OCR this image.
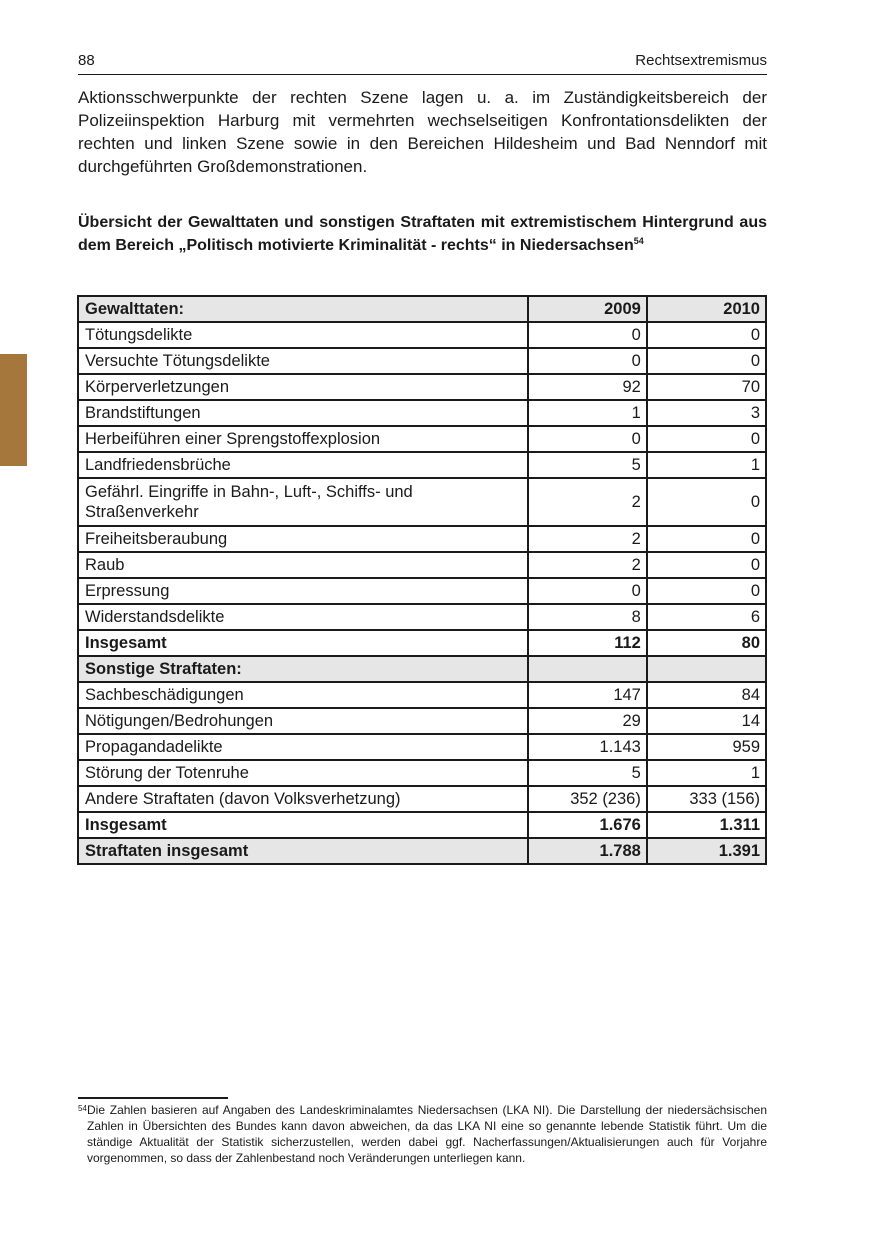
88	Rechtsextremismus

Aktionsschwerpunkte der rechten Szene lagen u. a. im Zuständigkeitsbereich der Polizeiinspektion Harburg mit vermehrten wechselseitigen Konfrontationsdelikten der rechten und linken Szene sowie in den Bereichen Hildesheim und Bad Nenndorf mit durchgeführten Großdemonstrationen.

Übersicht der Gewalttaten und sonstigen Straftaten mit extremistischem Hintergrund aus dem Bereich „Politisch motivierte Kriminalität - rechts“ in Niedersachsen$^{54}$

Gewalttaten:	2009	2010
Tötungsdelikte	0	0
Versuchte Tötungsdelikte	0	0
Körperverletzungen	92	70
Brandstiftungen	1	3
Herbeiführen einer Sprengstoffexplosion	0	0
Landfriedensbrüche	5	1
Gefährl. Eingriffe in Bahn-, Luft-, Schiffs- und Straßenverkehr	2	0
Freiheitsberaubung	2	0
Raub	2	0
Erpressung	0	0
Widerstandsdelikte	8	6
Insgesamt	112	80
Sonstige Straftaten:		
Sachbeschädigungen	147	84
Nötigungen/Bedrohungen	29	14
Propagandadelikte	1.143	959
Störung der Totenruhe	5	1
Andere Straftaten (davon Volksverhetzung)	352 (236)	333 (156)
Insgesamt	1.676	1.311
Straftaten insgesamt	1.788	1.391
54 Die Zahlen basieren auf Angaben des Landeskriminalamtes Niedersachsen (LKA NI). Die Darstellung der niedersächsischen Zahlen in Übersichten des Bundes kann davon abweichen, da das LKA NI eine so genannte lebende Statistik führt. Um die ständige Aktualität der Statistik sicherzustellen, werden dabei ggf. Nacherfassungen/Aktualisierungen auch für Vorjahre vorgenommen, so dass der Zahlenbestand noch Veränderungen unterliegen kann.
